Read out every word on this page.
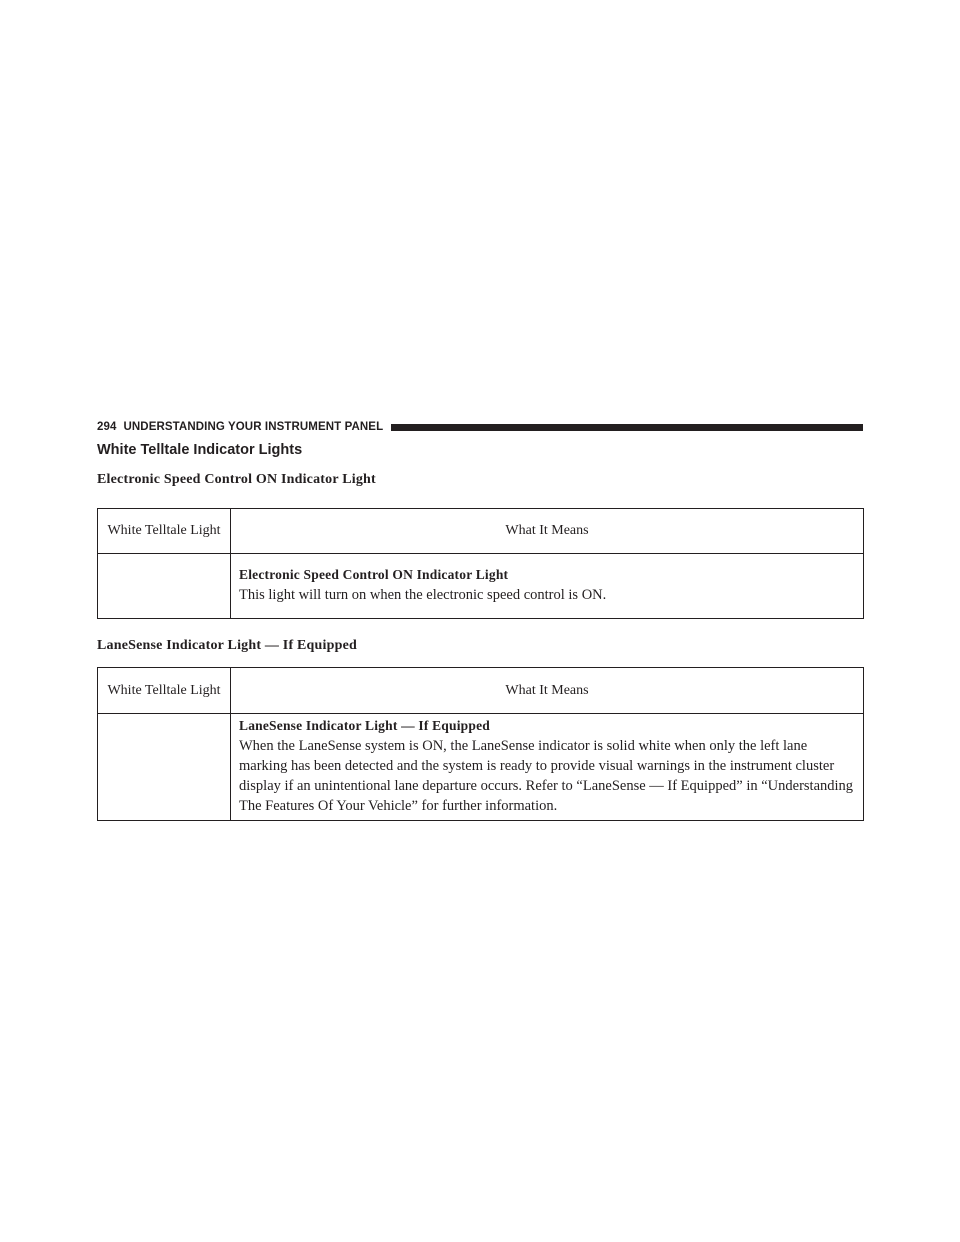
294 UNDERSTANDING YOUR INSTRUMENT PANEL
White Telltale Indicator Lights
Electronic Speed Control ON Indicator Light
White Telltale Light	What It Means

	Electronic Speed Control ON Indicator Light
This light will turn on when the electronic speed control is ON.
LaneSense Indicator Light — If Equipped
White Telltale Light	What It Means

	LaneSense Indicator Light — If Equipped
When the LaneSense system is ON, the LaneSense indicator is solid white when only the left lane marking has been detected and the system is ready to provide visual warnings in the instrument cluster display if an unintentional lane departure occurs. Refer to “LaneSense — If Equipped” in “Understanding The Features Of Your Vehicle” for further information.
